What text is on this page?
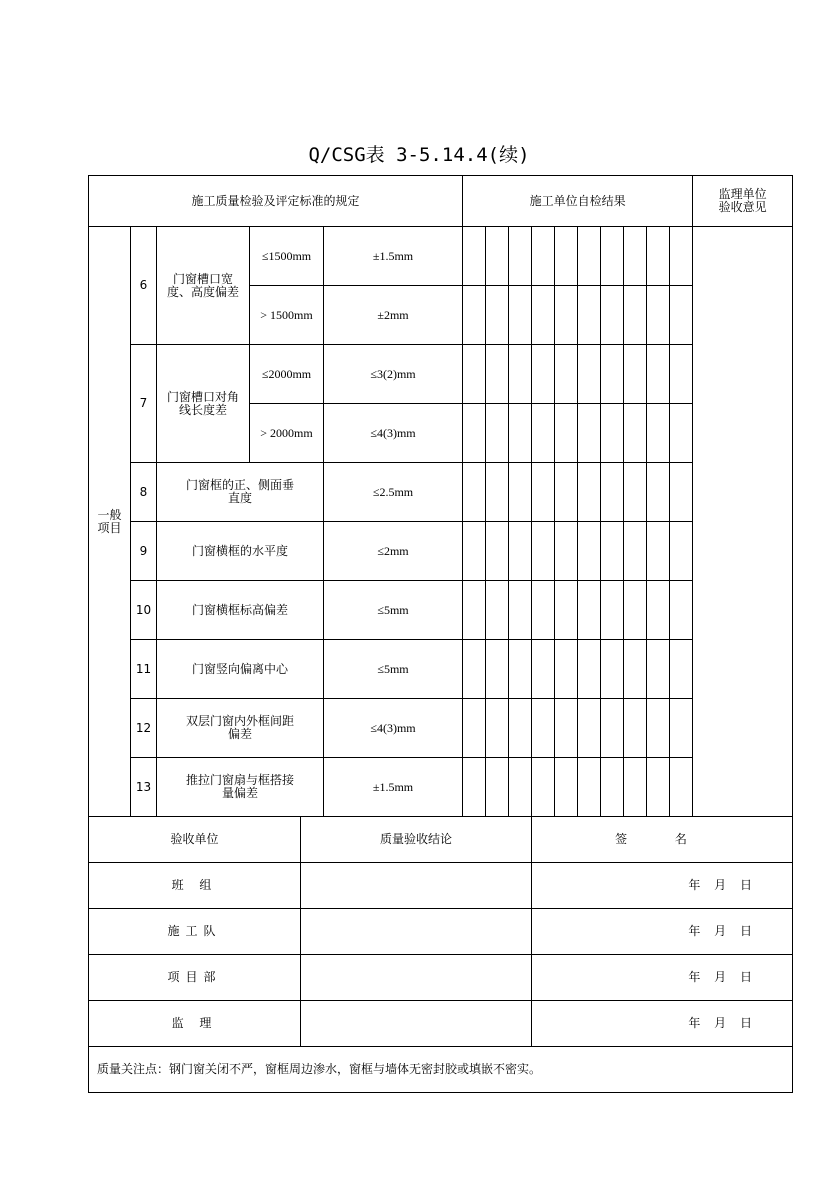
Q/CSG表 3-5.14.4(续)
施工质量检验及评定标准的规定					施工单位自检结果										监理单位验收意见

一般项目	6	门窗槽口宽度、高度偏差	≤1500mm	±1.5mm											
			> 1500mm	±2mm											
	7	门窗槽口对角线长度差	≤2000mm	≤3(2)mm											
			> 2000mm	≤4(3)mm											
	8	门窗框的正、侧面垂直度		≤2.5mm											
	9	门窗横框的水平度		≤2mm											
	10	门窗横框标高偏差		≤5mm											
	11	门窗竖向偏离中心		≤5mm											
	12	双层门窗内外框间距偏差		≤4(3)mm											
	13	推拉门窗扇与框搭接量偏差		±1.5mm											
验收单位	质量验收结论	签 名
班 组		年 月 日
施工队		年 月 日
项目部		年 月 日
监 理		年 月 日
质量关注点：钢门窗关闭不严，窗框周边渗水，窗框与墙体无密封胶或填嵌不密实。		
